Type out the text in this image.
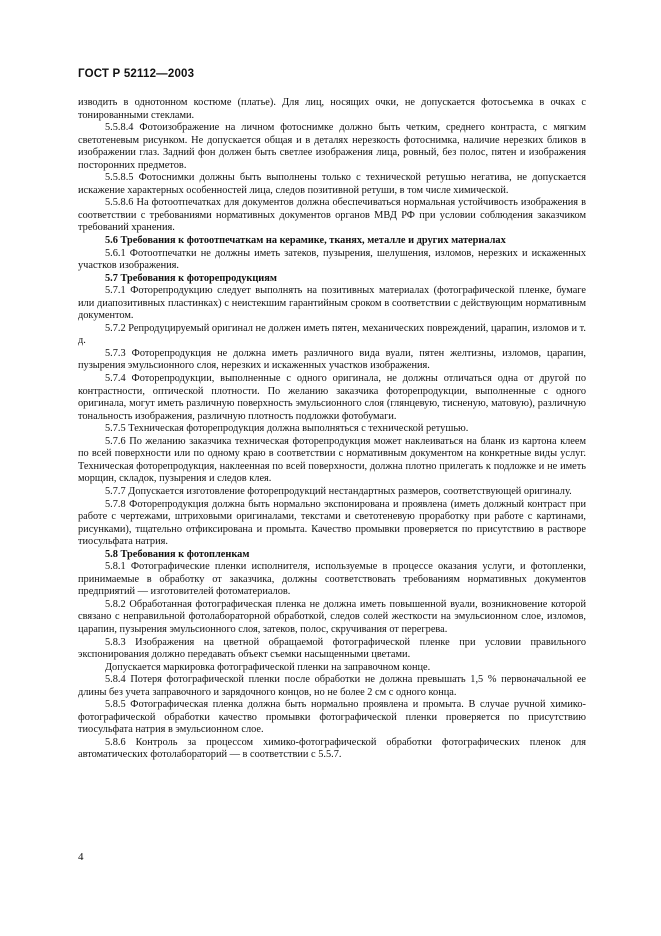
ГОСТ Р 52112—2003

изводить в однотонном костюме (платье). Для лиц, носящих очки, не допускается фотосъемка в очках с тонированными стеклами.

5.5.8.4 Фотоизображение на личном фотоснимке должно быть четким, среднего контраста, с мягким светотеневым рисунком. Не допускается общая и в деталях нерезкость фотоснимка, наличие нерезких бликов в изображении глаз. Задний фон должен быть светлее изображения лица, ровный, без полос, пятен и изображения посторонних предметов.

5.5.8.5 Фотоснимки должны быть выполнены только с технической ретушью негатива, не допускается искажение характерных особенностей лица, следов позитивной ретуши, в том числе химической.

5.5.8.6 На фотоотпечатках для документов должна обеспечиваться нормальная устойчивость изображения в соответствии с требованиями нормативных документов органов МВД РФ при условии соблюдения заказчиком требований хранения.

5.6 Требования к фотоотпечаткам на керамике, тканях, металле и других материалах

5.6.1 Фотоотпечатки не должны иметь затеков, пузырения, шелушения, изломов, нерезких и искаженных участков изображения.

5.7 Требования к фоторепродукциям

5.7.1 Фоторепродукцию следует выполнять на позитивных материалах (фотографической пленке, бумаге или диапозитивных пластинках) с неистекшим гарантийным сроком в соответствии с действующим нормативным документом.

5.7.2 Репродуцируемый оригинал не должен иметь пятен, механических повреждений, царапин, изломов и т. д.

5.7.3 Фоторепродукция не должна иметь различного вида вуали, пятен желтизны, изломов, царапин, пузырения эмульсионного слоя, нерезких и искаженных участков изображения.

5.7.4 Фоторепродукции, выполненные с одного оригинала, не должны отличаться одна от другой по контрастности, оптической плотности. По желанию заказчика фоторепродукции, выполненные с одного оригинала, могут иметь различную поверхность эмульсионного слоя (глянцевую, тисненую, матовую), различную тональность изображения, различную плотность подложки фотобумаги.

5.7.5 Техническая фоторепродукция должна выполняться с технической ретушью.

5.7.6 По желанию заказчика техническая фоторепродукция может наклеиваться на бланк из картона клеем по всей поверхности или по одному краю в соответствии с нормативным документом на конкретные виды услуг. Техническая фоторепродукция, наклеенная по всей поверхности, должна плотно прилегать к подложке и не иметь морщин, складок, пузырения и следов клея.

5.7.7 Допускается изготовление фоторепродукций нестандартных размеров, соответствующей оригиналу.

5.7.8 Фоторепродукция должна быть нормально экспонирована и проявлена (иметь должный контраст при работе с чертежами, штриховыми оригиналами, текстами и светотеневую проработку при работе с картинами, рисунками), тщательно отфиксирована и промыта. Качество промывки проверяется по присутствию в растворе тиосульфата натрия.

5.8 Требования к фотопленкам

5.8.1 Фотографические пленки исполнителя, используемые в процессе оказания услуги, и фотопленки, принимаемые в обработку от заказчика, должны соответствовать требованиям нормативных документов предприятий — изготовителей фотоматериалов.

5.8.2 Обработанная фотографическая пленка не должна иметь повышенной вуали, возникновение которой связано с неправильной фотолабораторной обработкой, следов солей жесткости на эмульсионном слое, изломов, царапин, пузырения эмульсионного слоя, затеков, полос, скручивания от перегрева.

5.8.3 Изображения на цветной обращаемой фотографической пленке при условии правильного экспонирования должно передавать объект съемки насыщенными цветами.

Допускается маркировка фотографической пленки на заправочном конце.

5.8.4 Потеря фотографической пленки после обработки не должна превышать 1,5 % первоначальной ее длины без учета заправочного и зарядочного концов, но не более 2 см с одного конца.

5.8.5 Фотографическая пленка должна быть нормально проявлена и промыта. В случае ручной химико-фотографической обработки качество промывки фотографической пленки проверяется по присутствию тиосульфата натрия в эмульсионном слое.

5.8.6 Контроль за процессом химико-фотографической обработки фотографических пленок для автоматических фотолабораторий — в соответствии с 5.5.7.

4
